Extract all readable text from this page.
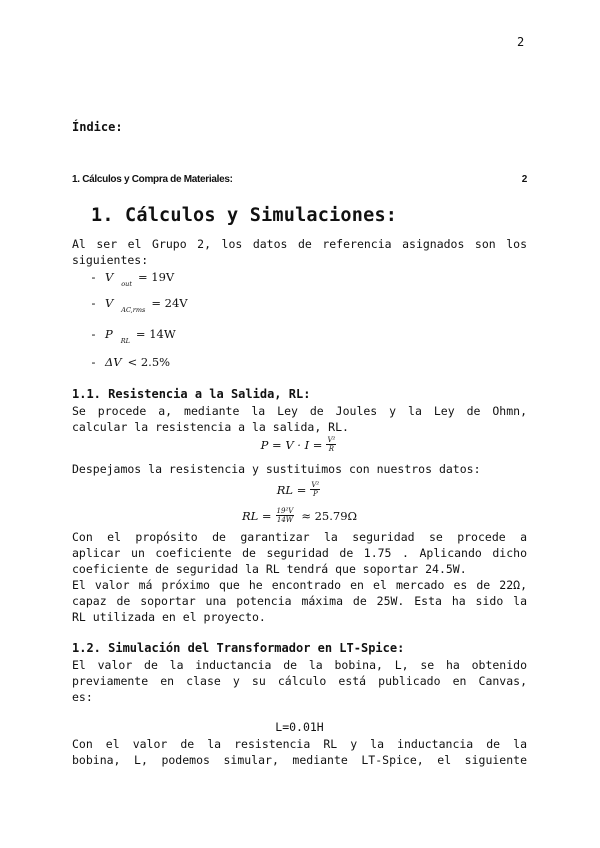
2
Índice:
1. Cálculos y Compra de Materiales:	2
1. Cálculos y Simulaciones:
Al ser el Grupo 2, los datos de referencia asignados son los
siguientes:
- V out = 19V
- V AC,rms = 24V
- P RL = 14W
- ΔV < 2.5%
1.1. Resistencia a la Salida, RL:
Se procede a, mediante la Ley de Joules y la Ley de Ohmn,
calcular la resistencia a la salida, RL.
$P = V \cdot I = \frac{\text{V²}}{R}$
Despejamos la resistencia y sustituimos con nuestros datos:
RL = $\frac{\text{V²}}{P}$
RL = $\frac{\text{19²V}}{14W} \approx 25.79\Omega$
Con el propósito de garantizar la seguridad se procede a
aplicar un coeficiente de seguridad de 1.75 . Aplicando dicho
coeficiente de seguridad la RL tendrá que soportar 24.5W.
El valor má próximo que he encontrado en el mercado es de 22Ω,
capaz de soportar una potencia máxima de 25W. Esta ha sido la
RL utilizada en el proyecto.
1.2. Simulación del Transformador en LT-Spice:
El valor de la inductancia de la bobina, L, se ha obtenido
previamente en clase y su cálculo está publicado en Canvas,
es:
L=0.01H
Con el valor de la resistencia RL y la inductancia de la
bobina, L, podemos simular, mediante LT-Spice, el siguiente
